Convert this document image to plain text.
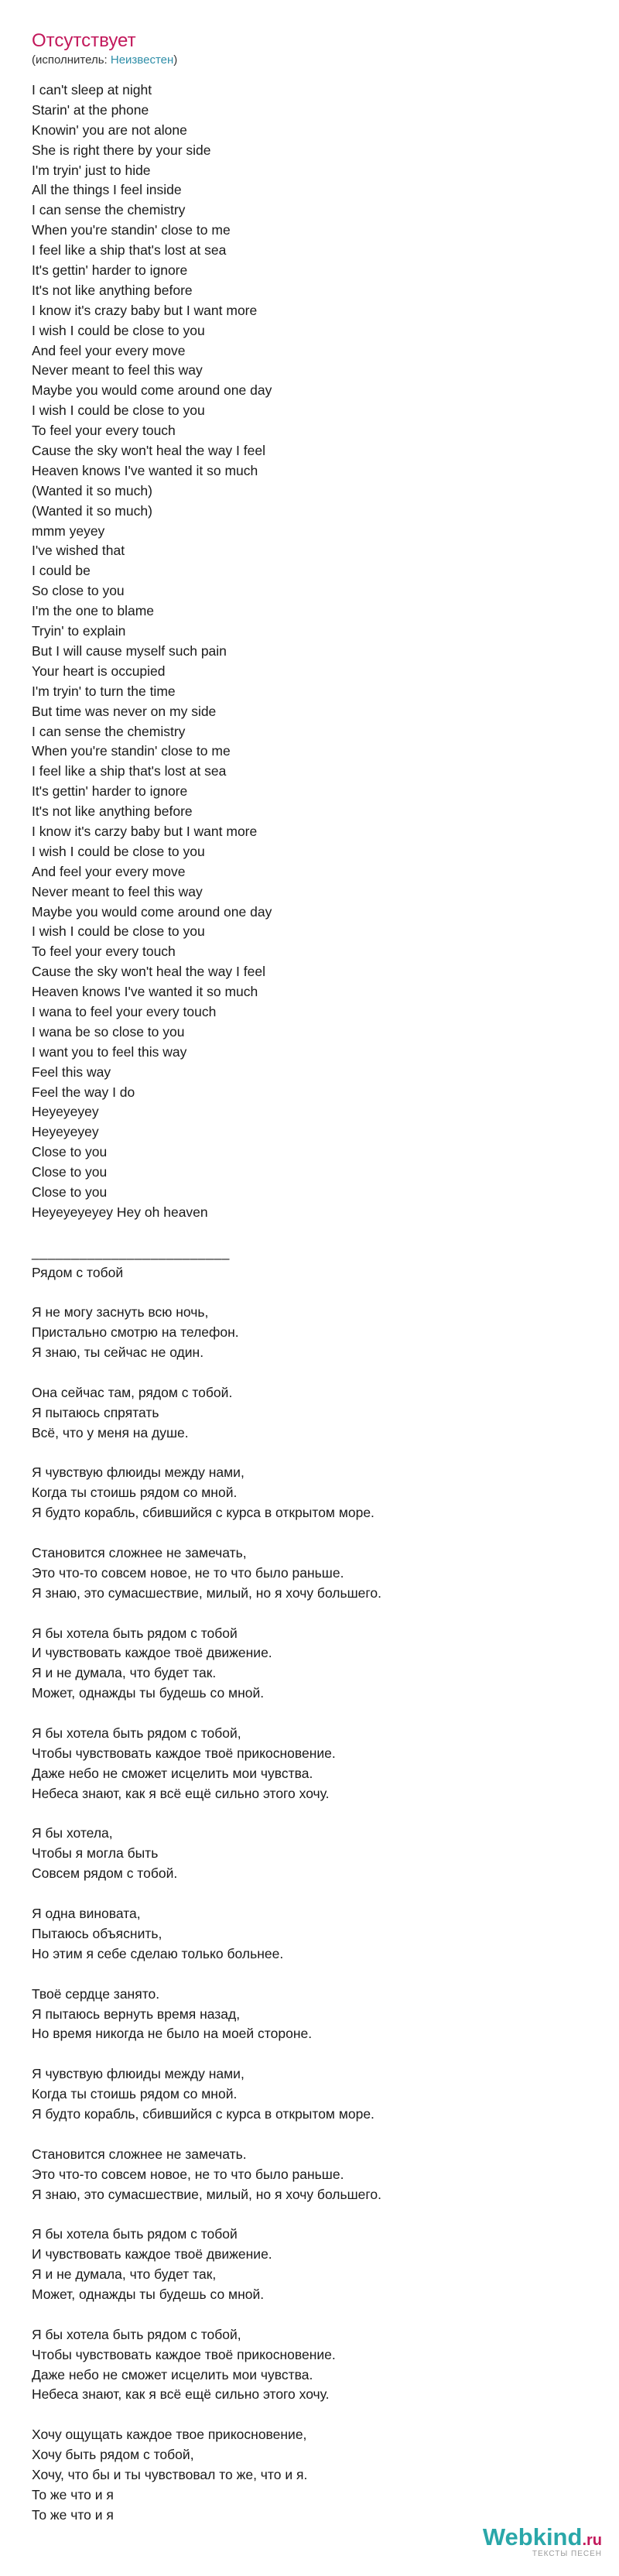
Отсутствует
(исполнитель: Неизвестен)
I can't sleep at night
Starin' at the phone
Knowin' you are not alone
She is right there by your side
I'm tryin' just to hide
All the things I feel inside
I can sense the chemistry
When you're standin' close to me
I feel like a ship that's lost at sea
It's gettin' harder to ignore
It's not like anything before
I know it's crazy baby but I want more
I wish I could be close to you
And feel your every move
Never meant to feel this way
Maybe you would come around one day
I wish I could be close to you
To feel your every touch
Cause the sky won't heal the way I feel
Heaven knows I've wanted it so much
(Wanted it so much)
(Wanted it so much)
mmm yeyey
I've wished that
I could be
So close to you
I'm the one to blame
Tryin' to explain
But I will cause myself such pain
Your heart is occupied
I'm tryin' to turn the time
But time was never on my side
I can sense the chemistry
When you're standin' close to me
I feel like a ship that's lost at sea
It's gettin' harder to ignore
It's not like anything before
I know it's carzy baby but I want more
I wish I could be close to you
And feel your every move
Never meant to feel this way
Maybe you would come around one day
I wish I could be close to you
To feel your every touch
Cause the sky won't heal the way I feel
Heaven knows I've wanted it so much
I wana to feel your every touch
I wana be so close to you
I want you to feel this way
Feel this way
Feel the way I do
Heyeyeyey
Heyeyeyey
Close to you
Close to you
Close to you
Heyeyeyeyey Hey oh heaven
_________________________
Рядом с тобой
Я не могу заснуть всю ночь,
Пристально смотрю на телефон.
Я знаю, ты сейчас не один.
Она сейчас там, рядом с тобой.
Я пытаюсь спрятать
Всё, что у меня на душе.
Я чувствую флюиды между нами,
Когда ты стоишь рядом со мной.
Я будто корабль, сбившийся с курса в открытом море.
Становится сложнее не замечать,
Это что-то совсем новое, не то что было раньше.
Я знаю, это сумасшествие, милый, но я хочу большего.
Я бы хотела быть рядом с тобой
И чувствовать каждое твоё движение.
Я и не думала, что будет так.
Может, однажды ты будешь со мной.
Я бы хотела быть рядом с тобой,
Чтобы чувствовать каждое твоё прикосновение.
Даже небо не сможет исцелить мои чувства.
Небеса знают, как я всё ещё сильно этого хочу.
Я бы хотела,
Чтобы я могла быть
Совсем рядом с тобой.
Я одна виновата,
Пытаюсь объяснить,
Но этим я себе сделаю только больнее.
Твоё сердце занято.
Я пытаюсь вернуть время назад,
Но время никогда не было на моей стороне.
Я чувствую флюиды между нами,
Когда ты стоишь рядом со мной.
Я будто корабль, сбившийся с курса в открытом море.
Становится сложнее не замечать.
Это что-то совсем новое, не то что было раньше.
Я знаю, это сумасшествие, милый, но я хочу большего.
Я бы хотела быть рядом с тобой
И чувствовать каждое твоё движение.
Я и не думала, что будет так,
Может, однажды ты будешь со мной.
Я бы хотела быть рядом с тобой,
Чтобы чувствовать каждое твоё прикосновение.
Даже небо не сможет исцелить мои чувства.
Небеса знают, как я всё ещё сильно этого хочу.
Хочу ощущать каждое твое прикосновение,
Хочу быть рядом с тобой,
Хочу, что бы и ты чувствовал то же, что и я.
То же что и я
То же что и я
Webkind.ru
ТЕКСТЫ ПЕСЕН
